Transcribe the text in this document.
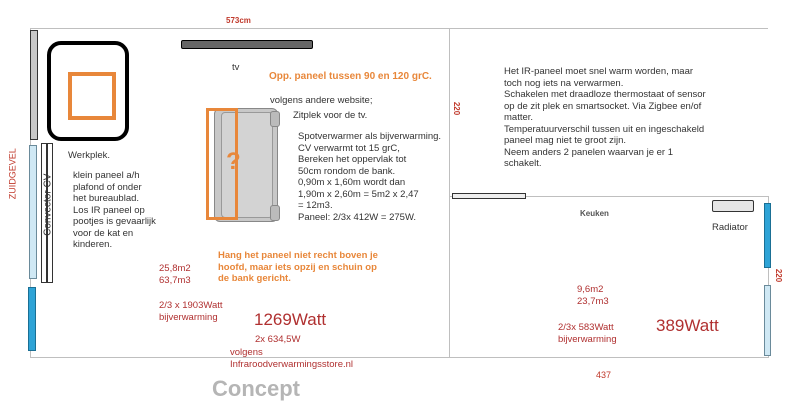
Convector CV
ZUIDGEVEL
tv
573cm
?
Opp. paneel tussen 90 en 120 grC.
volgens andere website;
Zitplek voor de tv.
Spotverwarmer als bijverwarming.
CV verwarmt tot 15 grC,
Bereken het oppervlak tot
50cm rondom de bank.
0,90m x 1,60m wordt dan
1,90m x 2,60m = 5m2 x 2,47
= 12m3.
Paneel: 2/3x 412W = 275W.
220
Werkplek.
klein paneel a/h
plafond of onder
het bureaublad.
Los IR paneel op
pootjes is gevaarlijk
voor de kat en
kinderen.
Hang het paneel niet recht boven je
hoofd, maar iets opzij en schuin op
de bank gericht.
25,8m2
63,7m3
2/3 x 1903Watt
bijverwarming 1269Watt
2x 634,5W
volgens
Infraroodverwarmingsstore.nl
Concept
Het IR-paneel moet snel warm worden, maar
toch nog iets na verwarmen.
Schakelen met draadloze thermostaat of sensor
op de zit plek en smartsocket. Via Zigbee en/of
matter.
Temperatuurverschil tussen uit en ingeschakeld
paneel mag niet te groot zijn.
Neem anders 2 panelen waarvan je er 1
schakelt.
Keuken
Radiator
220
9,6m2
23,7m3
2/3x 583Watt
bijverwarming
389Watt
437
